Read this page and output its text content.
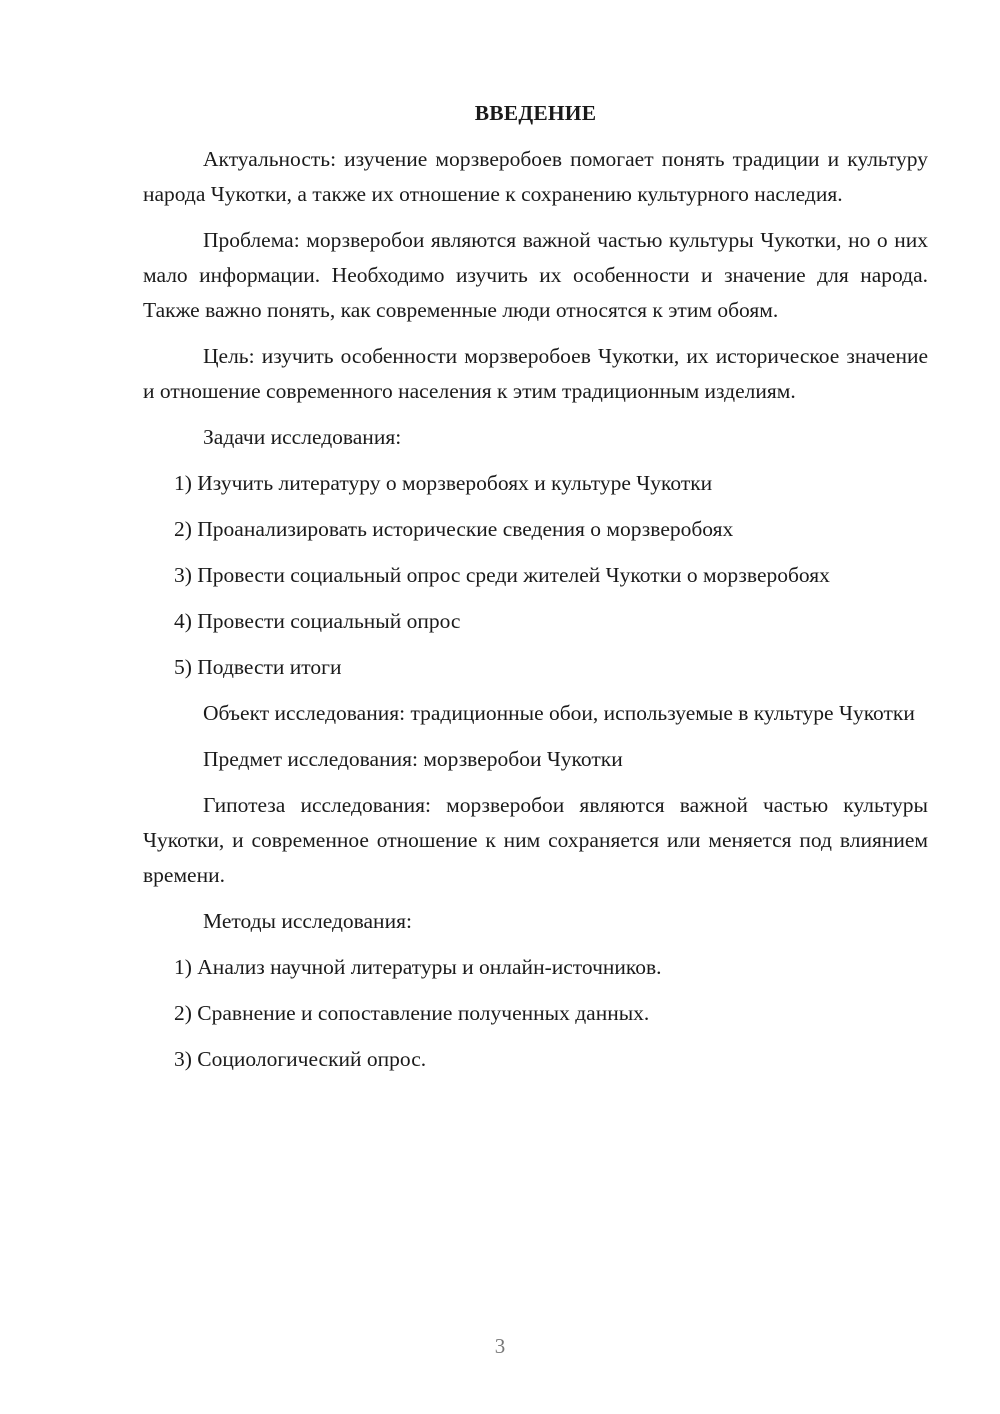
ВВЕДЕНИЕ

Актуальность: изучение морзверобоев помогает понять традиции и культуру народа Чукотки, а также их отношение к сохранению культурного наследия.

Проблема: морзверобои являются важной частью культуры Чукотки, но о них мало информации. Необходимо изучить их особенности и значение для народа. Также важно понять, как современные люди относятся к этим обоям.

Цель: изучить особенности морзверобоев Чукотки, их историческое значение и отношение современного населения к этим традиционным изделиям.

Задачи исследования:

1) Изучить литературу о морзверобоях и культуре Чукотки

2) Проанализировать исторические сведения о морзверобоях

3) Провести социальный опрос среди жителей Чукотки о морзверобоях

4) Провести социальный опрос

5) Подвести итоги

Объект исследования: традиционные обои, используемые в культуре Чукотки

Предмет исследования: морзверобои Чукотки

Гипотеза исследования: морзверобои являются важной частью культуры Чукотки, и современное отношение к ним сохраняется или меняется под влиянием времени.

Методы исследования:

1) Анализ научной литературы и онлайн-источников.

2) Сравнение и сопоставление полученных данных.

3) Социологический опрос.

3
